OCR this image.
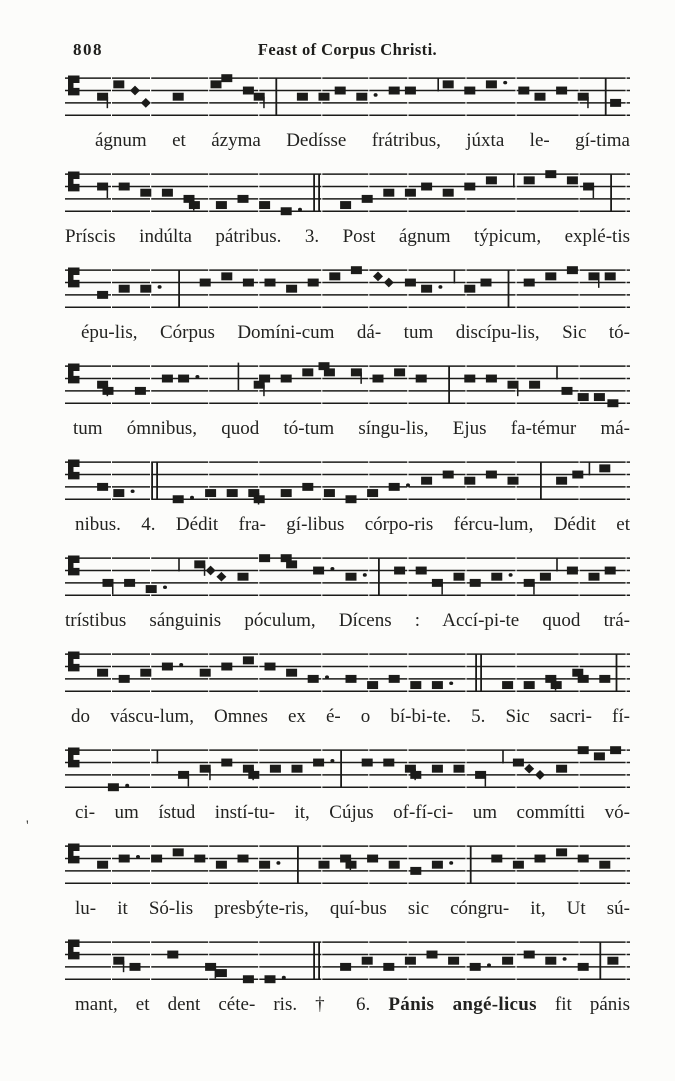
808	Feast of Corpus Christi.
ágnum et ázyma Dedísse frátribus, júxta le- gí-tima
Príscis indúlta pátribus. 3. Post ágnum týpicum, explé-tis
épu-lis, Córpus Domíni-cum dá- tum discípu-lis, Sic tó-
tum ómnibus, quod tó-tum síngu-lis, Ejus fa-témur má-
nibus. 4. Dédit fra- gí-libus córpo-ris fércu-lum, Dédit et
trístibus sánguinis póculum, Dícens : Accí-pi-te quod trá-
do váscu-lum, Omnes ex é- o bí-bi-te. 5. Sic sacri- fí-
ci- um ístud instí-tu- it, Cújus of-fí-ci- um commítti vó-
lu- it Só-lis presbýte-ris, quí-bus sic cóngru- it, Ut sú-
mant, et dent céte- ris. † 6. Pánis angé-licus fit pánis
'
